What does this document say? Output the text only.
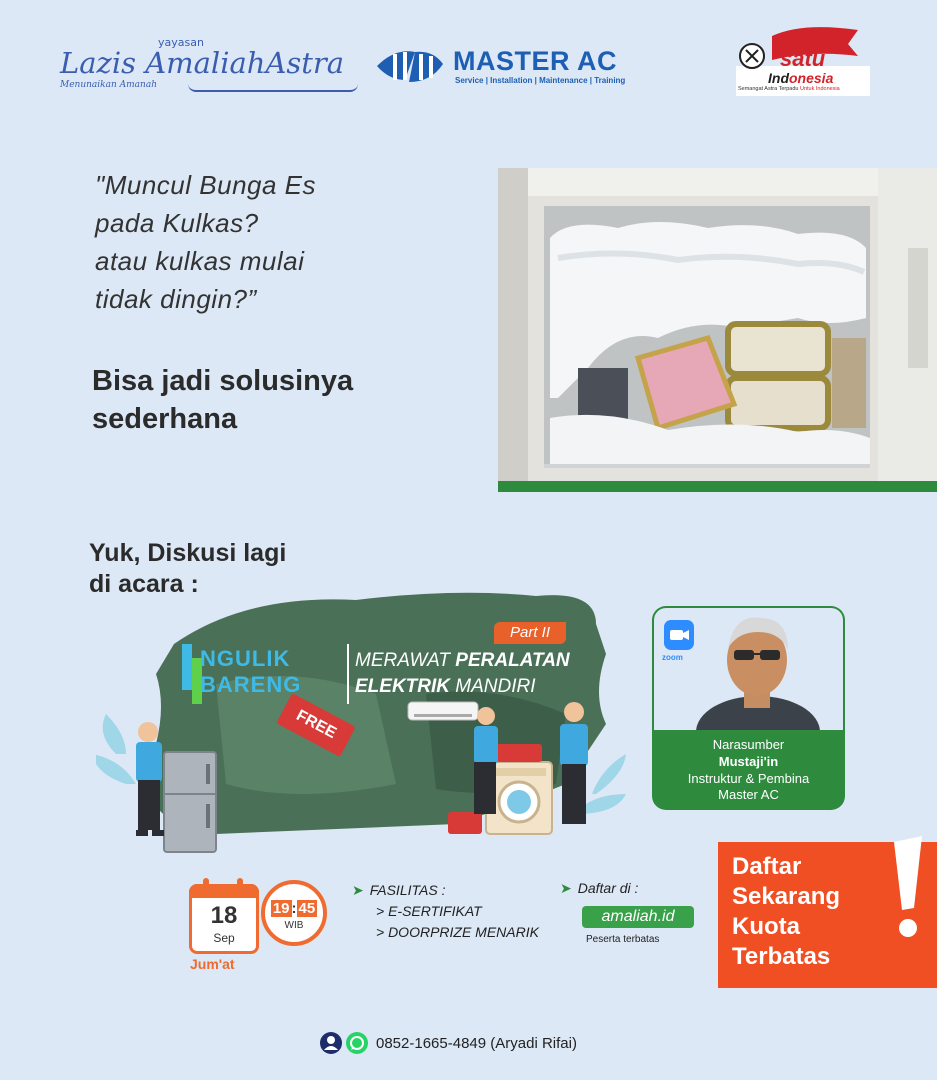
yayasan
Lazis AmaliahAstra
Menunaikan Amanah
MASTER AC
Service | Installation | Maintenance | Training
satu
Indonesia
Semangat Astra Terpadu Untuk Indonesia
"Muncul Bunga Es
pada Kulkas?
atau kulkas mulai
tidak dingin?”
Bisa jadi solusinya
sederhana
Yuk, Diskusi lagi
di acara :
NGULIK
BARENG
Part II
MERAWAT PERALATAN
ELEKTRIK MANDIRI
FREE
zoom
Narasumber
Mustaji'in
Instruktur & Pembina
Master AC
18
Sep
Jum'at
19 : 45
WIB
➤ FASILITAS :
> E-SERTIFIKAT
> DOORPRIZE MENARIK
➤ Daftar di :
amaliah.id
Peserta terbatas
Daftar
Sekarang
Kuota
Terbatas
0852-1665-4849 (Aryadi Rifai)
